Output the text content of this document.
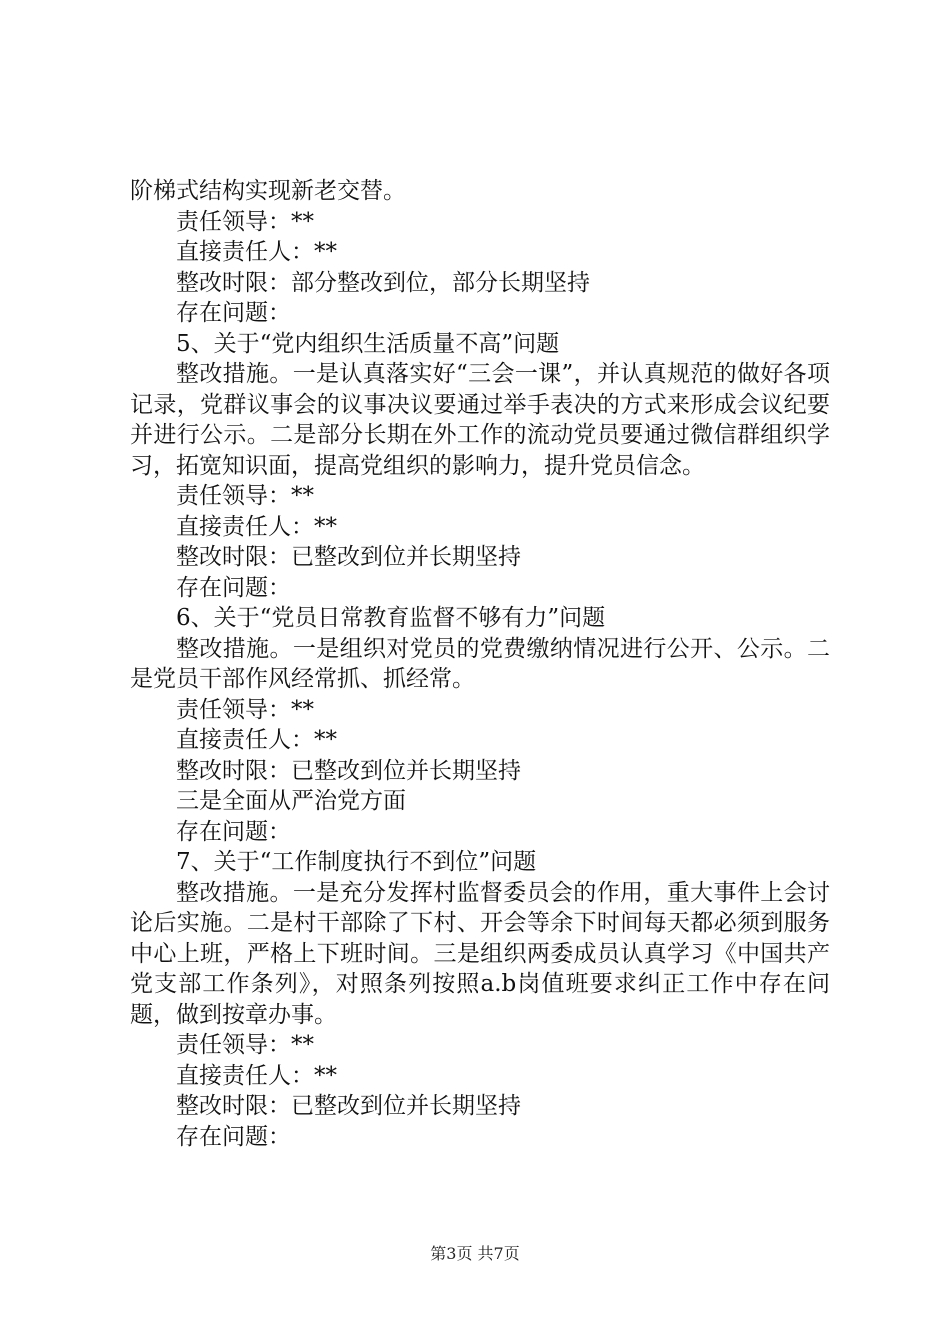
阶梯式结构实现新老交替。

责任领导：**

直接责任人：**

整改时限：部分整改到位，部分长期坚持

存在问题：

5、关于“党内组织生活质量不高”问题

整改措施。一是认真落实好“三会一课”，并认真规范的做好各项记录，党群议事会的议事决议要通过举手表决的方式来形成会议纪要并进行公示。二是部分长期在外工作的流动党员要通过微信群组织学习，拓宽知识面，提高党组织的影响力，提升党员信念。

责任领导：**

直接责任人：**

整改时限：已整改到位并长期坚持

存在问题：

6、关于“党员日常教育监督不够有力”问题

整改措施。一是组织对党员的党费缴纳情况进行公开、公示。二是党员干部作风经常抓、抓经常。

责任领导：**

直接责任人：**

整改时限：已整改到位并长期坚持

三是全面从严治党方面

存在问题：

7、关于“工作制度执行不到位”问题

整改措施。一是充分发挥村监督委员会的作用，重大事件上会讨论后实施。二是村干部除了下村、开会等余下时间每天都必须到服务中心上班，严格上下班时间。三是组织两委成员认真学习《中国共产党支部工作条列》，对照条列按照a.b岗值班要求纠正工作中存在问题，做到按章办事。

责任领导：**

直接责任人：**

整改时限：已整改到位并长期坚持

存在问题：

第3页 共7页
